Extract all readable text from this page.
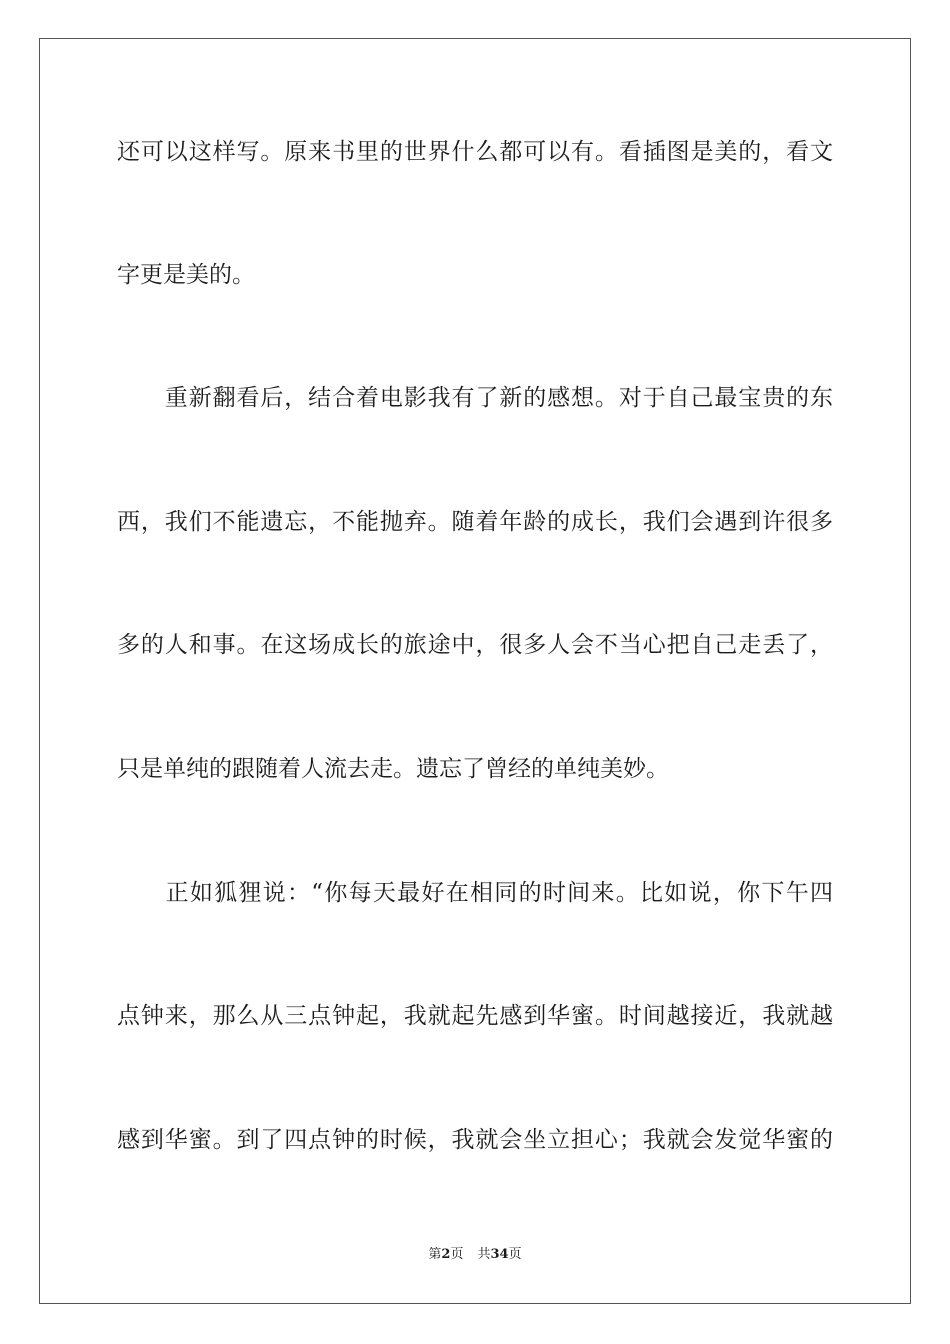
还可以这样写。原来书里的世界什么都可以有。看插图是美的，看文
字更是美的。
　　重新翻看后，结合着电影我有了新的感想。对于自己最宝贵的东
西，我们不能遗忘，不能抛弃。随着年龄的成长，我们会遇到许很多
多的人和事。在这场成长的旅途中，很多人会不当心把自己走丢了，
只是单纯的跟随着人流去走。遗忘了曾经的单纯美妙。
　　正如狐狸说：“你每天最好在相同的时间来。比如说，你下午四
点钟来，那么从三点钟起，我就起先感到华蜜。时间越接近，我就越
感到华蜜。到了四点钟的时候，我就会坐立担心；我就会发觉华蜜的
第2页 共34页
